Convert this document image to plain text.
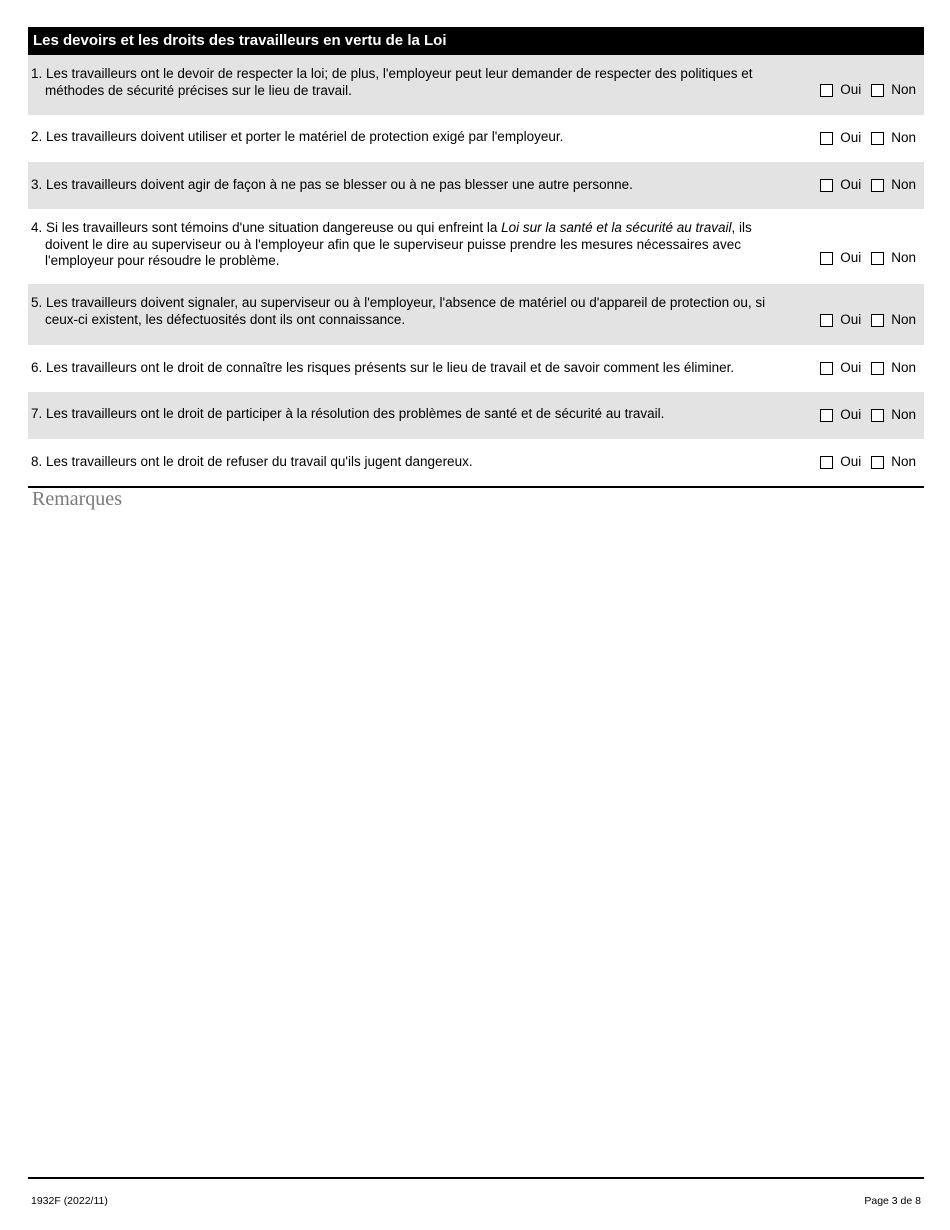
Les devoirs et les droits des travailleurs en vertu de la Loi
1. Les travailleurs ont le devoir de respecter la loi; de plus, l'employeur peut leur demander de respecter des politiques et
méthodes de sécurité précises sur le lieu de travail.	Oui Non
2. Les travailleurs doivent utiliser et porter le matériel de protection exigé par l'employeur.	Oui Non
3. Les travailleurs doivent agir de façon à ne pas se blesser ou à ne pas blesser une autre personne.	Oui Non
4. Si les travailleurs sont témoins d'une situation dangereuse ou qui enfreint la Loi sur la santé et la sécurité au travail, ils
doivent le dire au superviseur ou à l'employeur afin que le superviseur puisse prendre les mesures nécessaires avec
l'employeur pour résoudre le problème.	Oui Non
5. Les travailleurs doivent signaler, au superviseur ou à l'employeur, l'absence de matériel ou d'appareil de protection ou, si
ceux-ci existent, les défectuosités dont ils ont connaissance.	Oui Non
6. Les travailleurs ont le droit de connaître les risques présents sur le lieu de travail et de savoir comment les éliminer.	Oui Non
7. Les travailleurs ont le droit de participer à la résolution des problèmes de santé et de sécurité au travail.	Oui Non
8. Les travailleurs ont le droit de refuser du travail qu'ils jugent dangereux.	Oui Non
Remarques
1932F (2022/11)	Page 3 de 8
